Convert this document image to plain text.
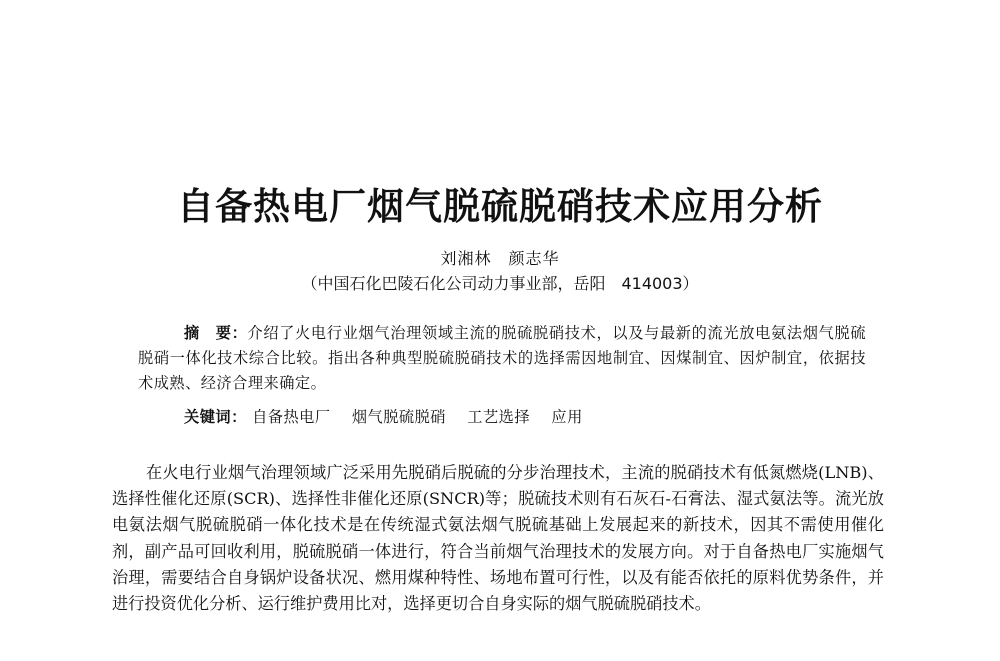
自备热电厂烟气脱硫脱硝技术应用分析
刘湘林　颜志华
（中国石化巴陵石化公司动力事业部，岳阳　414003）
摘　要：介绍了火电行业烟气治理领域主流的脱硫脱硝技术，以及与最新的流光放电氨法烟气脱硫脱硝一体化技术综合比较。指出各种典型脱硫脱硝技术的选择需因地制宜、因煤制宜、因炉制宜，依据技术成熟、经济合理来确定。
关键词： 自备热电厂 烟气脱硫脱硝 工艺选择 应用
在火电行业烟气治理领域广泛采用先脱硝后脱硫的分步治理技术，主流的脱硝技术有低氮燃烧(LNB)、选择性催化还原(SCR)、选择性非催化还原(SNCR)等；脱硫技术则有石灰石-石膏法、湿式氨法等。流光放电氨法烟气脱硫脱硝一体化技术是在传统湿式氨法烟气脱硫基础上发展起来的新技术，因其不需使用催化剂，副产品可回收利用，脱硫脱硝一体进行，符合当前烟气治理技术的发展方向。对于自备热电厂实施烟气治理，需要结合自身锅炉设备状况、燃用煤种特性、场地布置可行性，以及有能否依托的原料优势条件，并进行投资优化分析、运行维护费用比对，选择更切合自身实际的烟气脱硫脱硝技术。
